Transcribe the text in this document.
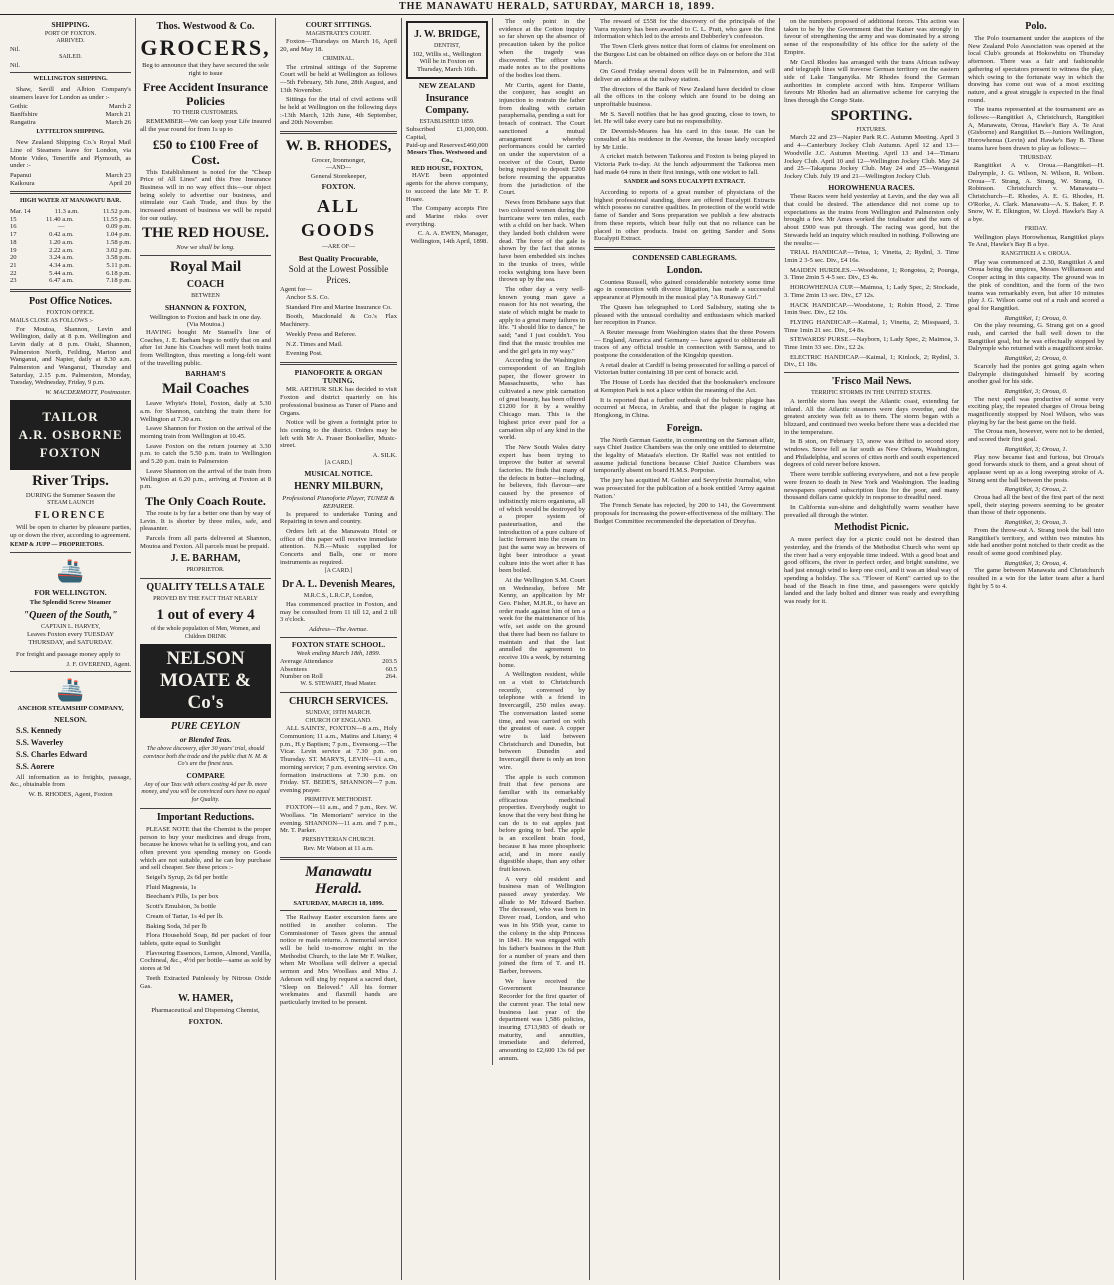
THE MANAWATU HERALD, SATURDAY, MARCH 18, 1899.
SHIPPING.
PORT OF FOXTON.
ARRIVED.
Nil.
SAILED.
Nil.
WELLINGTON SHIPPING.
Shaw, Savill and Albion Company's steamers leave for London as under :-
Gothic	March 2
Banffshire	March 21
Rangatira	March 26
LYTTELTON SHIPPING.
New Zealand Shipping Co.'s Royal Mail Line of Steamers leave for London, via Monte Video, Teneriffe and Plymouth, as under :-
Papanui	March 23
Kaikoura	April 20
HIGH WATER AT MANAWATU BAR.
Mar. 14	11.3 a.m.	11.52 p.m.
15	11.40 a.m.	11.55 p.m.
16	—	0.09 p.m.
17	0.42 a.m.	1.04 p.m.
18	1.20 a.m.	1.58 p.m.
19	2.22 a.m.	3.02 p.m.
20	3.24 a.m.	3.58 p.m.
21	4.34 a.m.	5.11 p.m.
22	5.44 a.m.	6.18 p.m.
23	6.47 a.m.	7.18 p.m.
Post Office Notices.
FOXTON OFFICE.
MAILS CLOSE AS FOLLOWS :-
For Moutoa, Shannon, Levin and Wellington, daily at 8 p.m. Wellington and Levin daily at 8 p.m. Otaki, Shannon, Palmerston North, Feilding, Marton and Wanganui, and Napier, daily at 8.30 a.m. Palmerston and Wanganui, Thursday and Saturday, 2.15 p.m. Palmerston, Monday, Tuesday, Wednesday, Friday, 9 p.m.
W. MACDERMOTT, Postmaster.
TAILOR
A.R. OSBORNE
FOXTON
River Trips.
DURING the Summer Season the
STEAM LAUNCH
FLORENCE
Will be open to charter by pleasure parties, up or down the river, according to agreement.
KEMP & JUPP — PROPRIETORS.
🚢
FOR WELLINGTON.
The Splendid Screw Steamer
"Queen of the South,"
CAPTAIN L. HARVEY,
Leaves Foxton every TUESDAY THURSDAY, and SATURDAY.
For freight and passage money apply to
J. F. OVEREND, Agent.
🚢
ANCHOR STEAMSHIP COMPANY,
NELSON.
S.S. Kennedy
S.S. Waverley
S.S. Charles Edward
S.S. Aorere
All information as to freights, passage, &c., obtainable from
W. B. RHODES, Agent, Foxton
Thos. Westwood & Co.
GROCERS,
Beg to announce that they have secured the sole right to issue
Free Accident Insurance Policies
TO THEIR CUSTOMERS.
REMEMBER—We can keep your Life insured all the year round for from 1s up to
£50 to £100 Free of Cost.
This Establishment is noted for the "Cheap Price of All Lines" and this Free Insurance Business will in no way effect this—our object being solely to advertise our business, and stimulate our Cash Trade, and thus by the increased amount of business we will be repaid for our outlay.
THE RED HOUSE.
Now we shall be long.
Royal Mail
COACH
BETWEEN
SHANNON & FOXTON,
Wellington to Foxton and back in one day.
(Via Moutoa.)
HAVING bought Mr Stansell's line of Coaches, J. E. Barham begs to notify that on and after 1st June his Coaches will meet both trains from Wellington, thus meeting a long-felt want of the travelling public.
BARHAM'S
Mail Coaches
Leave Whyte's Hotel, Foxton, daily at 5.30 a.m. for Shannon, catching the train there for Wellington at 7.30 a.m.
Leave Shannon for Foxton on the arrival of the morning train from Wellington at 10.45.
Leave Foxton on the return journey at 3.30 p.m. to catch the 5.50 p.m. train to Wellington and 5.20 p.m. train to Palmerston
Leave Shannon on the arrival of the train from Wellington at 6.20 p.m., arriving at Foxton at 8 p.m.
The Only Coach Route.
The route is by far a better one than by way of Levin. It is shorter by three miles, safe, and pleasanter.
Parcels from all parts delivered at Shannon, Moutoa and Foxton. All parcels must be prepaid.
J. E. BARHAM,
PROPRIETOR.
QUALITY TELLS A TALE
PROVED BY THE FACT THAT NEARLY
1 out of every 4
of the whole population of Men, Women, and Children DRINK
NELSON MOATE & Co's
PURE CEYLON
or Blended Teas.
The above discovery, after 30 years' trial, should convince both the trade and the public that N. M. & Co's are the finest teas.
COMPARE
Any of our Teas with others costing 4d per lb. more money, and you will be convinced ours have no equal for Quality.
Important Reductions.
PLEASE NOTE that the Chemist is the proper person to buy your medicines and drugs from, because he knows what he is selling you, and can often prevent you spending money on Goods which are not suitable, and he can buy purchase and sell cheaper. See these prices :-
Seigel's Syrup, 2s 6d per bottle
Fluid Magnesia, 1s
Beecham's Pills, 1s per box
Scott's Emulsion, 3s bottle
Cream of Tartar, 1s 4d per lb.
Baking Soda, 3d per lb
Flora Household Soap, 8d per packet of four tablets, quite equal to Sunlight
Flavouring Essences, Lemon, Almond, Vanilla, Cochineal, &c., 4½d per bottle—same as sold by stores at 9d
Teeth Extracted Painlessly by Nitrous Oxide Gas.
W. HAMER,
Pharmaceutical and Dispensing Chemist,
FOXTON.
COURT SITTINGS.
MAGISTRATE'S COURT.
Foxton—Thursdays on March 16, April 20, and May 18.
CRIMINAL.
The criminal sittings of the Supreme Court will be held at Wellington as follows—5th February, 5th June, 28th August, and 13th November.
Sittings for the trial of civil actions will be held at Wellington on the following days :-13th March, 12th June, 4th September, and 20th November.
W. B. RHODES,
Grocer, Ironmonger,
—AND—
General Storekeeper,
FOXTON.
ALL GOODS
—ARE OF—
Best Quality Procurable,
Sold at the Lowest Possible Prices.
Agent for—
Anchor S.S. Co.
Standard Fire and Marine Insurance Co.
Booth, Macdonald & Co.'s Flax Machinery.
Weekly Press and Referee.
N.Z. Times and Mail.
Evening Post.
PIANOFORTE & ORGAN TUNING.
MR. ARTHUR SILK has decided to visit Foxton and district quarterly on his professional business as Tuner of Piano and Organs.
Notice will be given a fortnight prior to his coming to the district. Orders may be left with Mr A. Fraser Bookseller, Music-street.
A. SILK.
[A CARD.]
MUSICAL NOTICE.
HENRY MILBURN,
Professional Pianoforte Player, TUNER & REPAIRER.
Is prepared to undertake Tuning and Repairing in town and country.
Orders left at the Manawatu Hotel or office of this paper will receive immediate attention. N.B.—Music supplied for Concerts and Balls, one or more instruments as required.
[A CARD.]
Dr A. L. Devenish Meares,
M.R.C.S., L.R.C.P., London,
Has commenced practice in Foxton, and may be consulted from 11 till 12, and 2 till 3 o'clock.
Address—The Avenue.
FOXTON STATE SCHOOL.
Week ending March 18th, 1899.
Average Attendance	203.5
Absentees	60.5
Number on Roll	264.
W. S. STEWART, Head Master.
CHURCH SERVICES.
SUNDAY, 19TH MARCH.
CHURCH OF ENGLAND.
ALL SAINTS', FOXTON—8 a.m., Holy Communion; 11 a.m., Matins and Litany; 4 p.m., H.y Baptism; 7 p.m., Evensong.—The Vicar. Levin service at 7.30 p.m. on Thursday. ST. MARY'S, LEVIN—11 a.m., morning service; 7 p.m. evening service. On formation instructions at 7.30 p.m. on Friday. ST. BEDE'S, SHANNON—7 p.m. evening prayer.
PRIMITIVE METHODIST.
FOXTON—11 a.m., and 7 p.m., Rev. W. Woollass. "In Memoriam" service in the evening. SHANNON—11 a.m. and 7 p.m., Mr. T. Parker.
PRESBYTERIAN CHURCH.
Rev. Mr Watson at 11 a.m.
Manawatu Herald.
SATURDAY, MARCH 18, 1899.
The Railway Easter excursion fares are notified in another column. The Commissioner of Taxes gives the annual notice re mails returns. A memorial service will be held to-morrow night in the Methodist Church, to the late Mr F. Walker, when Mr Woollass will deliver a special sermon and Mrs Woollass and Miss J. Aderson will sing by request a sacred duet, "Sleep on Beloved." All his former workmates and flaxmill hands are particularly invited to be present.
J. W. BRIDGE,
DENTIST,
102, Willis st., Wellington
Will be in Foxton on Thursday, March 16th.
NEW ZEALAND
Insurance Company.
ESTABLISHED 1859.
Subscribed Capital,
£1,000,000.
Paid-up and Reserves £460,000
Messrs Thos. Westwood and Co.,
RED HOUSE, FOXTON,
HAVE been appointed agents for the above company, to succeed the late Mr T. P. Hoare.
The Company accepts Fire and Marine risks over everything.
C. A. A. EWEN, Manager, Wellington, 14th April, 1898.
The only point in the evidence at the Cotton inquiry so far shown up the absence of precaution taken by the police when the tragedy was discovered. The officer who made notes as to the positions of the bodies lost them.
Mr Curtis, agent for Dante, the conjurer, has sought an injunction to restrain the father from dealing with certain paraphernalia, pending a suit for breach of contract. The Court sanctioned a mutual arrangement whereby performances could be carried on under the supervision of a receiver of the Court, Dante being required to deposit £200 before resuming the apparatus from the jurisdiction of the Court.
News from Brisbane says that two coloured women during the hurricane were ten miles, each with a child on her back. When they landed both children were dead. The force of the gale is shown by the fact that stones have been embedded six inches in the trunks of trees, while rocks weighing tons have been thrown up by the sea.
The other day a very well-known young man gave a reason for his not wearing, the state of which might be made to apply to a great many failures in life. "I should like to dance," he said; "and I just couldn't. You find that the music troubles me and the girl gets in my way."
According to the Washington correspondent of an English paper, the flower grower in Massachusetts, who has cultivated a new pink carnation of great beauty, has been offered £1200 for it by a wealthy Chicago man. This is the highest price ever paid for a carnation slip of any kind in the world.
The New South Wales dairy expert has been trying to improve the butter at several factories. He finds that many of the defects in butter—including, he believes, fish flavour—are caused by the presence of indistinctly micro organisms, all of which would be destroyed by a proper system of pasteurisation, and the introduction of a pure culture of lactic ferment into the cream in just the same way as brewers of light beer introduce a yeast culture into the wort after it has been boiled.
At the Wellington S.M. Court on Wednesday, before Mr Kenny, an application by Mr Geo. Fisher, M.H.R., to have an order made against him of ten a week for the maintenance of his wife, set aside on the ground that there had been no failure to maintain and that the last annulled the agreement to receive 10s a week, by returning home.
A Wellington resident, while on a visit to Christchurch recently, conversed by telephone with a friend in Invercargill, 250 miles away. The conversation lasted some time, and was carried on with the greatest of ease. A copper wire is laid between Christchurch and Dunedin, but between Dunedin and Invercargill there is only an iron wire.
The apple is such common fruit that few persons are familiar with its remarkably efficacious medicinal properties. Everybody ought to know that the very best thing he can do is to eat apples just before going to bed. The apple is an excellent brain food, because it has more phosphoric acid, and in more easily digestible shape, than any other fruit known.
A very old resident and business man of Wellington passed away yesterday. We allude to Mr Edward Barber. The deceased, who was born in Dover road, London, and who was in his 95th year, came to the colony in the ship Princess in 1841. He was engaged with his father's business in the Hutt for a number of years and then joined the firm of T. and H. Barber, brewers.
We have received the Government Insurance Recorder for the first quarter of the current year. The total new business last year of the department was 1,586 policies, insuring £713,983 of death or maturity, and annuities, immediate and deferred, amounting to £2,600 13s 6d per annum.
The reward of £558 for the discovery of the principals of the Varra mystery has been awarded to C. L. Pratt, who gave the first information which led to the arrests and Dubberley's confession.
The Town Clerk gives notice that form of claims for enrolment on the Burgess List can be obtained on office days on or before the 31st March.
On Good Friday several doors will be in Palmerston, and will deliver an address at the railway station.
The directors of the Bank of New Zealand have decided to close all the offices in the colony which are found to be doing an unprofitable business.
Mr S. Savell notifies that he has good grazing, close to town, to let. He will take every care but no responsibility.
Dr Devenish-Meares has his card in this issue. He can be consulted at his residence in the Avenue, the house lately occupied by Mr Little.
A cricket match between Taikorea and Foxton is being played in Victoria Park to-day. At the lunch adjournment the Taikorea men had made 64 runs in their first innings, with one wicket to fall.
SANDER and SONS EUCALYPTI EXTRACT.
According to reports of a great number of physicians of the highest professional standing, there are offered Eucalypti Extracts which possess no curative qualities. In protection of the world wide fame of Sander and Sons preparation we publish a few abstracts from these reports, which bear fully out that no reliance can be placed in other products. Insist on getting Sander and Sons Eucalypti Extract.
CONDENSED CABLEGRAMS.
London.
Countess Russell, who gained considerable notoriety some time ago in connection with divorce litigation, has made a successful appearance at Plymouth in the musical play "A Runaway Girl."
The Queen has telegraphed to Lord Salisbury, stating she is pleased with the unusual cordiality and enthusiasm which marked her reception in France.
A Reuter message from Washington states that the three Powers — England, America and Germany — have agreed to obliterate all traces of any official trouble in connection with Samoa, and to postpone the consideration of the Kingship question.
A retail dealer at Cardiff is being prosecuted for selling a parcel of Victorian butter containing 18 per cent of boracic acid.
The House of Lords has decided that the bookmaker's enclosure at Kempton Park is not a place within the meaning of the Act.
It is reported that a further outbreak of the bubonic plague has occurred at Mecca, in Arabia, and that the plague is raging at Hongkong, in China.
Foreign.
The North German Gazette, in commenting on the Samoan affair, says Chief Justice Chambers was the only one entitled to determine the legality of Mataafa's election. Dr Raffel was not entitled to assume judicial functions because Chief Justice Chambers was temporarily absent on board H.M.S. Porpoise.
The jury has acquitted M. Gohier and Sevryfretie Journalist, who was prosecuted for the publication of a book entitled 'Army against Nation.'
The French Senate has rejected, by 200 to 141, the Government proposals for increasing the power-effectiveness of the military. The Budget Committee recommended the deportation of Dreyfus.
on the numbers proposed of additional forces. This action was taken to be by the Government that the Kaiser was strongly in favour of strengthening the army and was dominated by a strong sense of the responsibility of his office for the safety of the Empire.
Mr Cecil Rhodes has arranged with the trans African railway and telegraph lines will traverse German territory on the eastern side of Lake Tanganyika. Mr Rhodes found the German authorities in complete accord with him. Emperor William favours Mr Rhodes had an alternative scheme for carrying the lines through the Congo State.
SPORTING.
FIXTURES.
March 22 and 23—Napier Park R.C. Autumn Meeting. April 3 and 4—Canterbury Jockey Club Autumn. April 12 and 13—Woodville J.C. Autumn Meeting. April 13 and 14—Timaru Jockey Club. April 10 and 12—Wellington Jockey Club. May 24 and 25—Takapuna Jockey Club. May 24 and 25—Wanganui Jockey Club. July 19 and 21—Wellington Jockey Club.
HOROWHENUA RACES.
These Races were held yesterday at Levin, and the day was all that could be desired. The attendance did not come up to expectations as the trains from Wellington and Palmerston only brought a few. Mr Ames worked the totalisator and the sum of about £900 was put through. The racing was good, but the Stewards held an inquiry which resulted in nothing. Following are the results:—
TRIAL HANDICAP.—Tetua, 1; Vinetta, 2; Rydinl, 3. Time 1min 2 3-5 sec. Div., £4 16s.
MAIDEN HURDLES.—Woodstone, 1; Rongotea, 2; Pounga, 3. Time 2min 5 4-5 sec. Div., £3 4s.
HOROWHENUA CUP.—Maimoa, 1; Lady Spec, 2; Stockade, 3. Time 2min 13 sec. Div., £7 12s.
HACK HANDICAP.—Woodstone, 1; Robin Hood, 2. Time 1min 9sec. Div., £2 10s.
FLYING HANDICAP.—Kaimal, 1; Vinetta, 2; Misspaard, 3. Time 1min 21 sec. Div., £4 8s.
STEWARDS' PURSE.—Nayborn, 1; Lady Spec, 2; Maimoa, 3. Time 1min 33 sec. Div., £2 2s.
ELECTRIC HANDICAP.—Kaimal, 1; Kinlock, 2; Rydinl, 3. Div., £1 18s.
'Frisco Mail News.
TERRIFIC STORMS IN THE UNITED STATES.
A terrible storm has swept the Atlantic coast, extending far inland. All the Atlantic steamers were days overdue, and the greatest anxiety was felt as to them. The storm began with a blizzard, and continued two weeks before there was a decided rise in the temperature.
In B ston, on February 13, snow was drifted to second story windows. Snow fell as far south as New Orleans, Washington, and Philadelphia, and scores of cities north and south experienced degrees of cold never before known.
There were terrible suffering everywhere, and not a few people were frozen to death in New York and Washington. The leading newspapers opened subscription lists for the poor, and many thousand dollars came quickly in response to dreadful need.
In California sun-shine and delightfully warm weather have prevailed all through the winter.
Methodist Picnic.
A more perfect day for a picnic could not be desired than yesterday, and the friends of the Methodist Church who went up the river had a very enjoyable time indeed. With a good boat and good officers, the river in perfect order, and bright sunshine, we had just enough wind to keep one cool, and it was an ideal way of spending a holiday. The s.s. "Flower of Kent" carried up to the head of the Beach in fine time, and passengers were quickly landed and the lady bolted and dinner was ready and everything was ready for it.
Polo.
The Polo tournament under the auspices of the New Zealand Polo Association was opened at the local Club's grounds at Hokowhitu on Thursday afternoon. There was a fair and fashionable gathering of spectators present to witness the play, which owing to the fortunate way in which the drawing has come out was of a most exciting nature, and a great struggle is expected in the final round.
The teams represented at the tournament are as follows:—Rangitikei A, Christchurch, Rangitikei A, Manawatu, Oroua, Hawke's Bay A. Te Arai (Gisborne) and Rangitikei B.—Juniors Wellington, Horowhenua (Levin) and Hawke's Bay B. These teams have been drawn to play as follows:—
THURSDAY.
Rangitikei A v. Oroua.—Rangitikei—H. Dalrymple, J. G. Wilson, N. Wilson, R. Wilson. Oroua—T. Strang, A. Strang, W. Strang, O. Robinson. Christchurch v. Manawatu—Christchurch—E. Rhodes, A. E. G. Rhodes, H. O'Rorke, A. Clark. Manawatu—A. S. Baker, F. P. Snow, W. E. Elkington, W. Lloyd. Hawke's Bay A a bye.
FRIDAY.
Wellington plays Horowhenua, Rangitikei plays Te Arai, Hawke's Bay B a bye.
RANGITIKEI A v. OROUA.
Play was commenced at 2.30, Rangitikei A and Oroua being the umpires, Messrs Williamson and Cooper acting in this capacity. The ground was in the pink of condition, and the form of the two teams was remarkably even, but after 10 minutes play J. G. Wilson came out of a rush and scored a goal for Rangitikei.
Rangitikei, 1; Oroua, 0.
On the play resuming, G. Strang got on a good rush, and carried the ball well down to the Rangitikei goal, but he was effectually stopped by Dalrymple who returned with a magnificent stroke.
Rangitikei, 2; Oroua, 0.
Scarcely had the ponies got going again when Dalrymple distinguished himself by scoring another goal for his side.
Rangitikei, 3; Oroua, 0.
The next spell was productive of some very exciting play, the repeated charges of Oroua being magnificently stopped by Noel Wilson, who was playing by far the best game on the field.
The Oroua men, however, were not to be denied, and scored their first goal.
Rangitikei, 3; Oroua, 1.
Play now became fast and furious, but Oroua's good forwards stuck to them, and a great shout of applause went up as a long sweeping stroke of A. Strang sent the ball between the posts.
Rangitikei, 3; Oroua, 2.
Oroua had all the best of the first part of the next spell, their staying powers seeming to be greater than those of their opponents.
Rangitikei, 3; Oroua, 3.
From the throw-out A. Strang took the ball into Rangitikei's territory, and within two minutes his side had another point notched to their credit as the result of some good combined play.
Rangitikei, 3; Oroua, 4.
The game between Manawatu and Christchurch resulted in a win for the latter team after a hard fight by 5 to 4.
